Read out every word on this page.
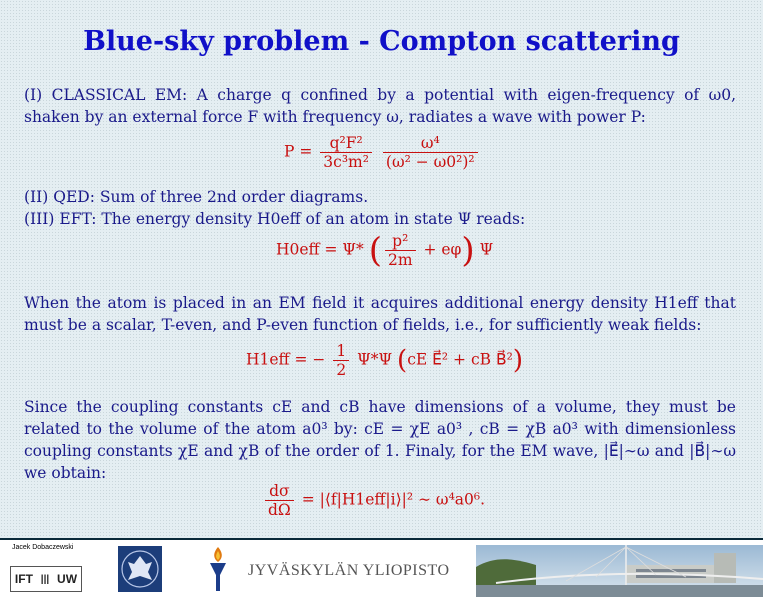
Blue-sky problem - Compton scattering

(I) CLASSICAL EM: A charge q confined by a potential with eigen-frequency of ω0, shaken by an external force F with frequency ω, radiates a wave with power P:

$P = \frac{\text{q²F²}}{\text{3c³m²}}$
$\frac{\text{ω⁴}}{\text{(ω² − ω0²)²}}$

(II) QED: Sum of three 2nd order diagrams.

(III) EFT: The energy density H0eff of an atom in state Ψ reads:

H0eff = Ψ* ( $\frac{\text{p²}}{2m} + e\varphi$) Ψ

When the atom is placed in an EM field it acquires additional energy density H1eff that must be a scalar, T-even, and P-even function of fields, i.e., for sufficiently weak fields:

H1eff = − $\frac{1}{2} \Psi*\Psi$ (cE E⃗² + cB B⃗²)

Since the coupling constants cE and cB have dimensions of a volume, they must be related to the volume of the atom a0³ by: cE = χE a0³ , cB = χB a0³ with dimensionless coupling constants χE and χB of the order of 1. Finaly, for the EM wave, |E⃗|∼ω and |B⃗|∼ω we obtain:

$\frac{d\sigma}{d\Omega}$ = |⟨f|H1eff|i⟩|² ∼ ω⁴a0⁶.
Jacek Dobaczewski
IFT ||| UW	JYVÄSKYLÄN YLIOPISTO
